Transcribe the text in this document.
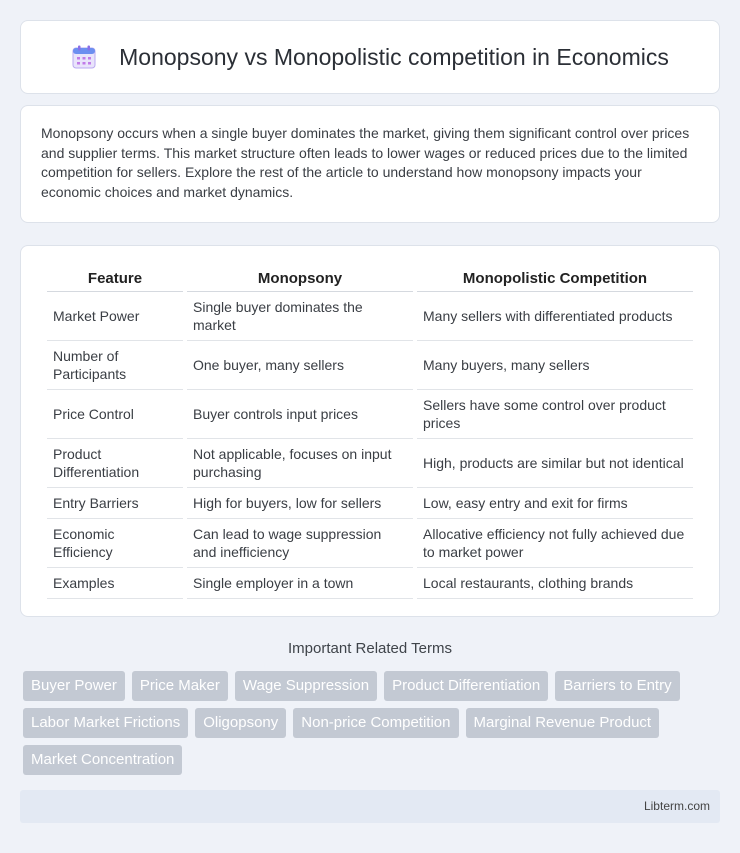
Monopsony vs Monopolistic competition in Economics

Monopsony occurs when a single buyer dominates the market, giving them significant control over prices and supplier terms. This market structure often leads to lower wages or reduced prices due to the limited competition for sellers. Explore the rest of the article to understand how monopsony impacts your economic choices and market dynamics.

Feature	Monopsony	Monopolistic Competition
Market Power	Single buyer dominates the market	Many sellers with differentiated products
Number of Participants	One buyer, many sellers	Many buyers, many sellers
Price Control	Buyer controls input prices	Sellers have some control over product prices
Product Differentiation	Not applicable, focuses on input purchasing	High, products are similar but not identical
Entry Barriers	High for buyers, low for sellers	Low, easy entry and exit for firms
Economic Efficiency	Can lead to wage suppression and inefficiency	Allocative efficiency not fully achieved due to market power
Examples	Single employer in a town	Local restaurants, clothing brands
Important Related Terms
Buyer Power	Price Maker	Wage Suppression	Product Differentiation	Barriers to Entry
Labor Market Frictions	Oligopsony	Non-price Competition	Marginal Revenue Product
Market Concentration
Libterm.com
